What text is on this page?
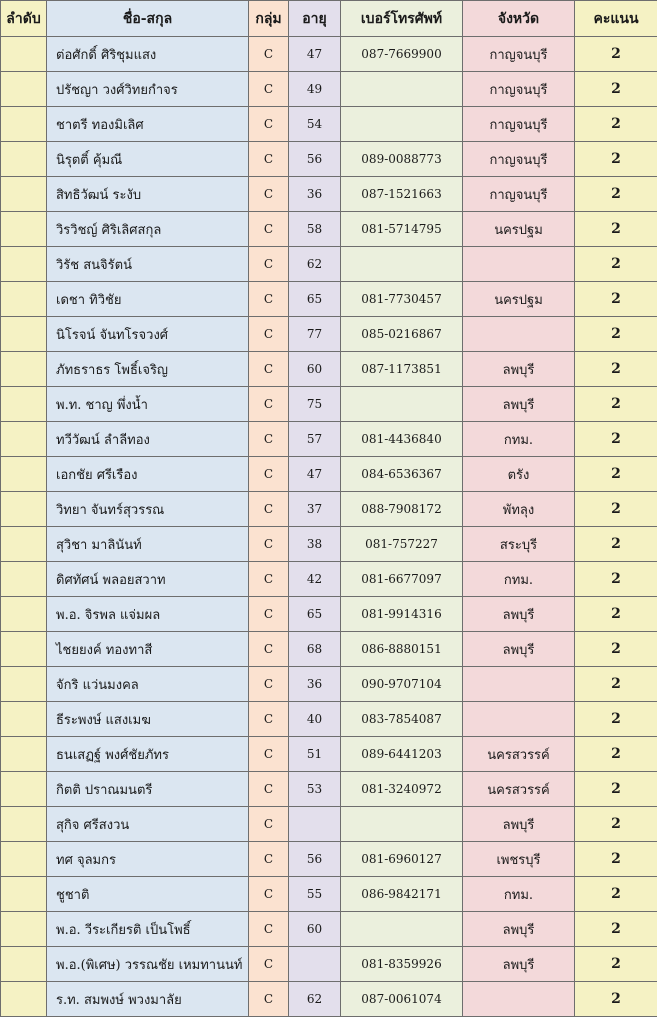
ลำดับ	ชื่อ-สกุล	กลุ่ม	อายุ	เบอร์โทรศัพท์	จังหวัด	คะแนน
	ต่อศักดิ์ ศิริชุมแสง	C	47	087-7669900	กาญจนบุรี	2
	ปรัชญา วงศ์วิทยกำจร	C	49		กาญจนบุรี	2
	ชาตรี ทองมิเลิศ	C	54		กาญจนบุรี	2
	นิรุตติ์ คุ้มณี	C	56	089-0088773	กาญจนบุรี	2
	สิทธิวัฒน์ ระงับ	C	36	087-1521663	กาญจนบุรี	2
	วิรวิชญ์ ศิริเลิศสกุล	C	58	081-5714795	นครปฐม	2
	วิรัช สนจิรัตน์	C	62			2
	เดชา ทิวิชัย	C	65	081-7730457	นครปฐม	2
	นิโรจน์ จันทโรจวงศ์	C	77	085-0216867		2
	ภัทธราธร โพธิ์เจริญ	C	60	087-1173851	ลพบุรี	2
	พ.ท. ชาญ พึ่งน้ำ	C	75		ลพบุรี	2
	ทวีวัฒน์ ลำลีทอง	C	57	081-4436840	กทม.	2
	เอกชัย ศรีเรือง	C	47	084-6536367	ตรัง	2
	วิทยา จันทร์สุวรรณ	C	37	088-7908172	พัทลุง	2
	สุวิชา มาลินันท์	C	38	081-757227	สระบุรี	2
	ดิศทัศน์ พลอยสวาท	C	42	081-6677097	กทม.	2
	พ.อ. จิรพล แจ่มผล	C	65	081-9914316	ลพบุรี	2
	ไชยยงค์ ทองทาสี	C	68	086-8880151	ลพบุรี	2
	จักริ แว่นมงคล	C	36	090-9707104		2
	ธีระพงษ์ แสงเมฆ	C	40	083-7854087		2
	ธนเสฏฐ์ พงศ์ชัยภัทร	C	51	089-6441203	นครสวรรค์	2
	กิตติ ปราณมนตรี	C	53	081-3240972	นครสวรรค์	2
	สุกิจ ศรีสงวน	C			ลพบุรี	2
	ทศ จุลมกร	C	56	081-6960127	เพชรบุรี	2
	ชูชาติ	C	55	086-9842171	กทม.	2
	พ.อ. วีระเกียรติ เป็นโพธิ์	C	60		ลพบุรี	2
	พ.อ.(พิเศษ) วรรณชัย เหมทานนท์	C		081-8359926	ลพบุรี	2
	ร.ท. สมพงษ์ พวงมาลัย	C	62	087-0061074		2
